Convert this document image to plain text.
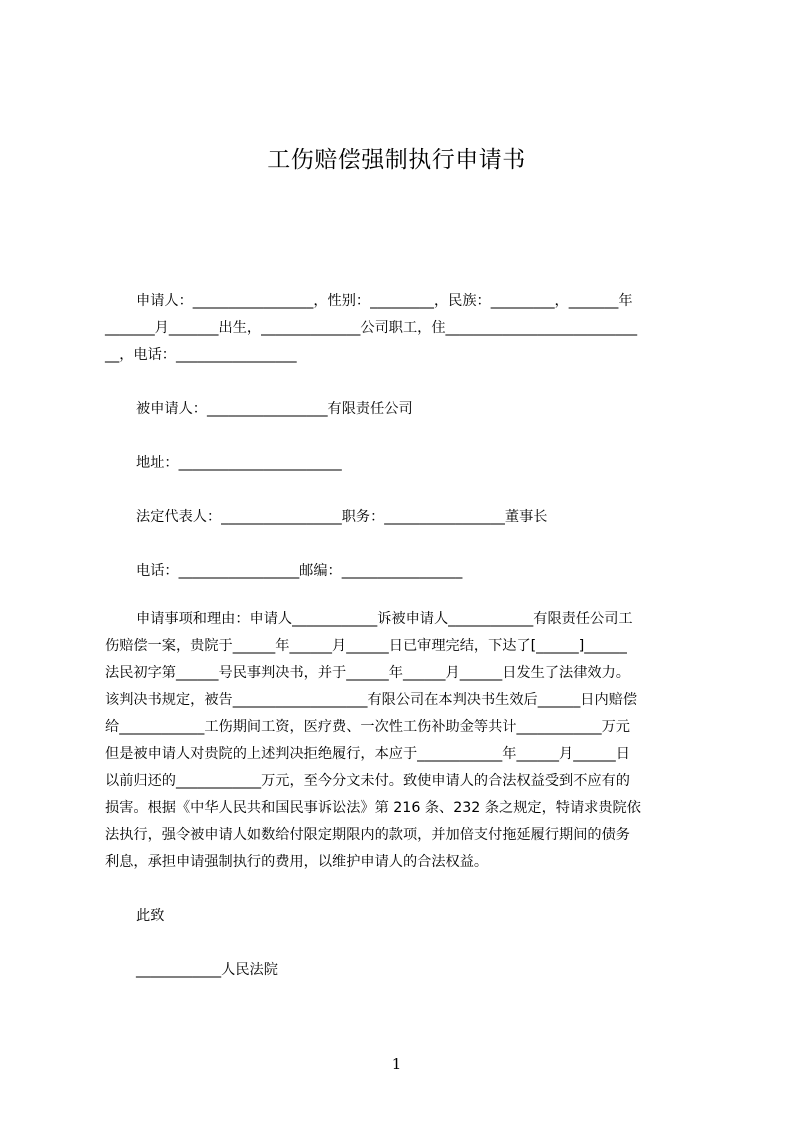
工伤赔偿强制执行申请书
申请人：_________________，性别：_________，民族：_________，_______年
_______月_______出生，______________公司职工，住___________________________
__，电话：_________________
被申请人：_________________有限责任公司
地址：_______________________
法定代表人：_________________职务：_________________董事长
电话：_________________邮编：_________________
申请事项和理由：申请人____________诉被申请人____________有限责任公司工
伤赔偿一案，贵院于______年______月______日已审理完结，下达了[______]______
法民初字第______号民事判决书，并于______年______月______日发生了法律效力。
该判决书规定，被告___________________有限公司在本判决书生效后______日内赔偿
给____________工伤期间工资，医疗费、一次性工伤补助金等共计____________万元
但是被申请人对贵院的上述判决拒绝履行，本应于____________年______月______日
以前归还的____________万元，至今分文未付。致使申请人的合法权益受到不应有的
损害。根据《中华人民共和国民事诉讼法》第 216 条、232 条之规定，特请求贵院依
法执行，强令被申请人如数给付限定期限内的款项，并加倍支付拖延履行期间的债务
利息，承担申请强制执行的费用，以维护申请人的合法权益。
此致
____________人民法院
1
